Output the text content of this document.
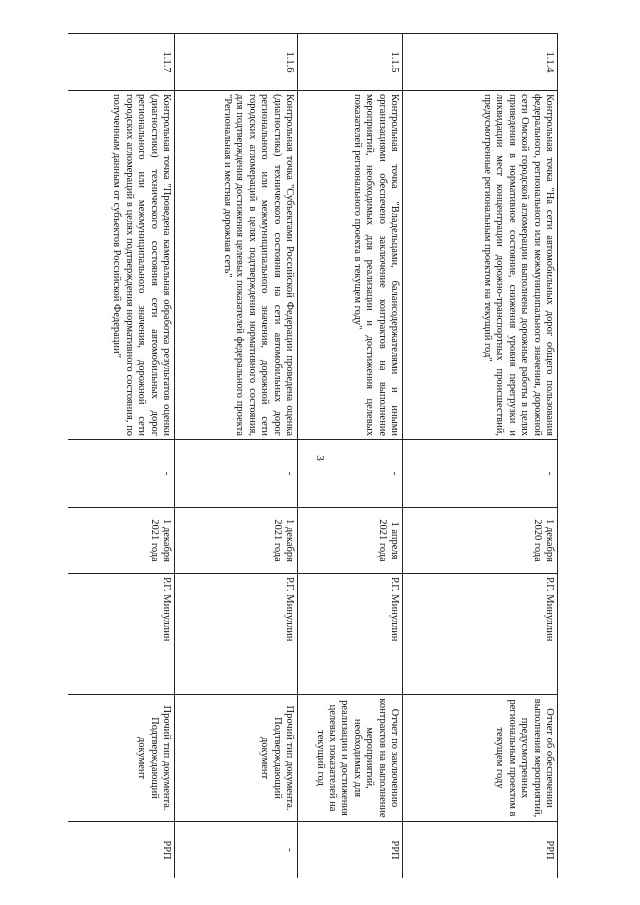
3
1.1.4	Контрольная точка "На сети автомобильных дорог общего пользования федерального, регионального или межмуниципального значения, дорожной сети Омской городской агломерации выполнены дорожные работы в целях приведения в нормативное состояние, снижения уровня перегрузки и ликвидации мест концентрации дорожно-транспортных происшествий, предусмотренные региональным проектом на текущий год"	-	1 декабря 2020 года	Р.Г. Минуллин	Отчет об обеспечении выполнения мероприятий, предусмотренных региональным проектом в текущем году	РРП
1.1.5	Контрольная точка "Владельцами, балансодержателями и иными организациями обеспечено заключение контрактов на выполнение мероприятий, необходимых для реализации и достижения целевых показателей регионального проекта в текущем году"	-	1 апреля 2021 года	Р.Г. Минуллин	Отчет по заключению контрактов на выполнение мероприятий, необходимых для реализации и достижения целевых показателей на текущий год	РРП
1.1.6	Контрольная точка "Субъектами Российской Федерации проведена оценка (диагностика) технического состояния на сети автомобильных дорог регионального или межмуниципального значения, дорожной сети городских агломераций в целях подтверждения нормативного состояния, для подтверждения достижения целевых показателей федерального проекта "Региональная и местная дорожная сеть"	-	1 декабря 2021 года	Р.Г. Минуллин	Прочий тип документа. Подтверждающий документ	-
1.1.7	Контрольная точка "Проведена камеральная обработка результатов оценки (диагностики) технического состояния сети автомобильных дорог регионального или межмуниципального значения, дорожной сети городских агломераций в целях подтверждения нормативного состояния, по полученным данным от субъектов Российской Федерации"	-	1 декабря 2021 года	Р.Г. Минуллин	Прочий тип документа. Подтверждающий документ	РРП
